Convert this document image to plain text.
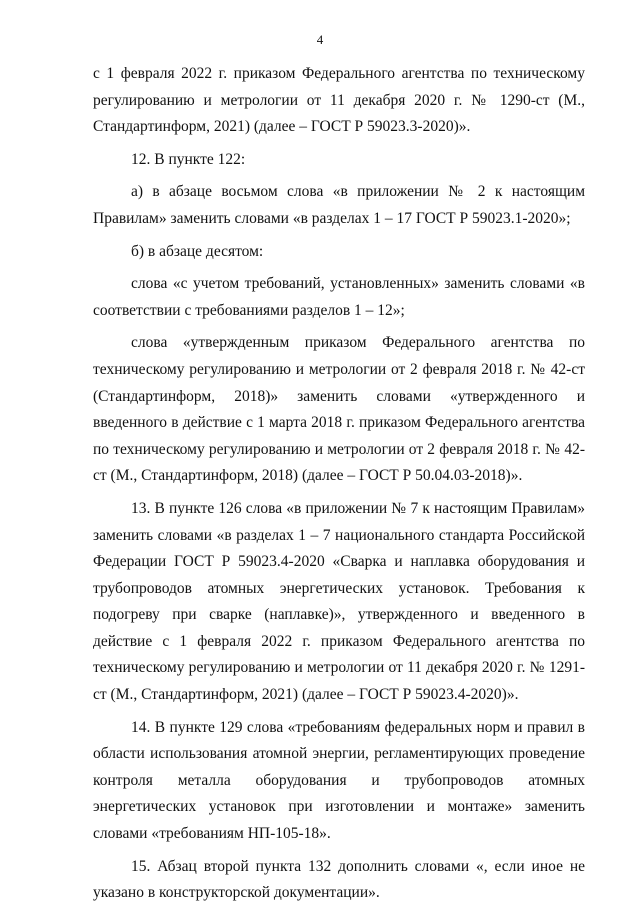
4

с 1 февраля 2022 г. приказом Федерального агентства по техническому регулированию и метрологии от 11 декабря 2020 г. № 1290-ст (М., Стандартинформ, 2021) (далее – ГОСТ Р 59023.3-2020)».

12. В пункте 122:

а) в абзаце восьмом слова «в приложении № 2 к настоящим Правилам» заменить словами «в разделах 1 – 17 ГОСТ Р 59023.1-2020»;

б) в абзаце десятом:

слова «с учетом требований, установленных» заменить словами «в соответствии с требованиями разделов 1 – 12»;

слова «утвержденным приказом Федерального агентства по техническому регулированию и метрологии от 2 февраля 2018 г. № 42-ст (Стандартинформ, 2018)» заменить словами «утвержденного и введенного в действие с 1 марта 2018 г. приказом Федерального агентства по техническому регулированию и метрологии от 2 февраля 2018 г. № 42-ст (М., Стандартинформ, 2018) (далее – ГОСТ Р 50.04.03-2018)».

13. В пункте 126 слова «в приложении № 7 к настоящим Правилам» заменить словами «в разделах 1 – 7 национального стандарта Российской Федерации ГОСТ Р 59023.4-2020 «Сварка и наплавка оборудования и трубопроводов атомных энергетических установок. Требования к подогреву при сварке (наплавке)», утвержденного и введенного в действие с 1 февраля 2022 г. приказом Федерального агентства по техническому регулированию и метрологии от 11 декабря 2020 г. № 1291-ст (М., Стандартинформ, 2021) (далее – ГОСТ Р 59023.4-2020)».

14. В пункте 129 слова «требованиям федеральных норм и правил в области использования атомной энергии, регламентирующих проведение контроля металла оборудования и трубопроводов атомных энергетических установок при изготовлении и монтаже» заменить словами «требованиям НП-105-18».

15. Абзац второй пункта 132 дополнить словами «, если иное не указано в конструкторской документации».
